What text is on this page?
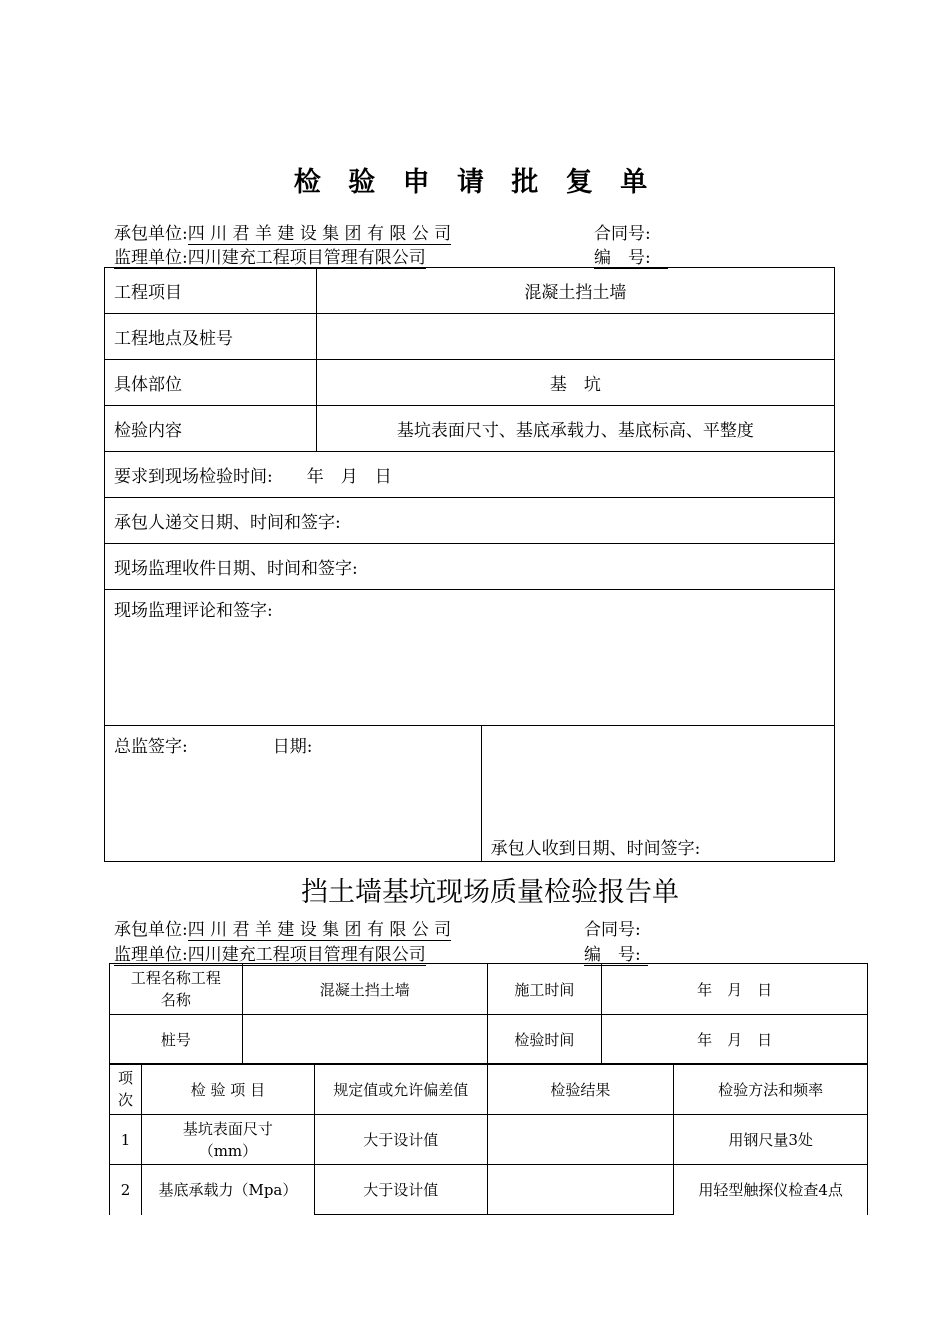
检 验 申 请 批 复 单
承包单位:四 川 君 羊 建 设 集 团 有 限 公 司	合同号:
监理单位:四川建充工程项目管理有限公司	编　号:
工程项目	混凝土挡土墙	
工程地点及桩号		
具体部位	基　坑	
检验内容	基坑表面尺寸、基底承载力、基底标高、平整度	
要求到现场检验时间:　　年　月　日		
承包人递交日期、时间和签字:		
现场监理收件日期、时间和签字:		
现场监理评论和签字:		
总监签字:　　　　　日期:		承包人收到日期、时间签字:
挡土墙基坑现场质量检验报告单
承包单位:四 川 君 羊 建 设 集 团 有 限 公 司	合同号:
监理单位:四川建充工程项目管理有限公司	编　号:
工程名称工程名称	混凝土挡土墙	施工时间	年　月　日
桩号		检验时间	年　月　日
项次	检 验 项 目	规定值或允许偏差值	检验结果	检验方法和频率
1	基坑表面尺寸（mm）	大于设计值		用钢尺量3处
2	基底承载力（Mpa）	大于设计值		用轻型触探仪检查4点
